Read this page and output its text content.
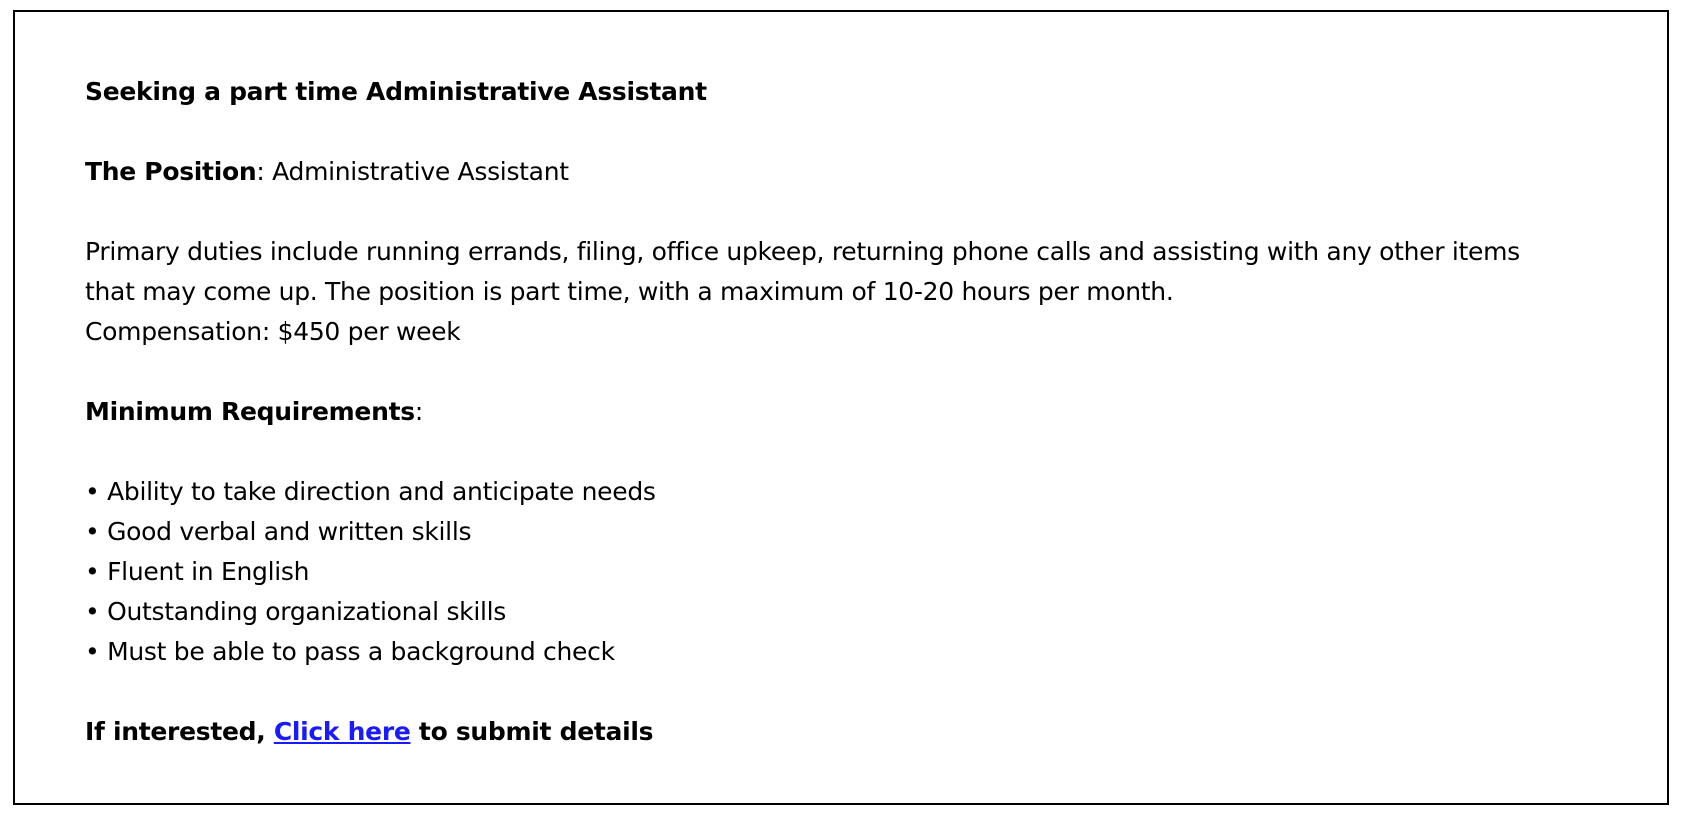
Seeking a part time Administrative Assistant

The Position: Administrative Assistant

Primary duties include running errands, filing, office upkeep, returning phone calls and assisting with any other items

that may come up. The position is part time, with a maximum of 10-20 hours per month.

Compensation: $450 per week

Minimum Requirements:

• Ability to take direction and anticipate needs
• Good verbal and written skills
• Fluent in English
• Outstanding organizational skills
• Must be able to pass a background check

If interested, Click here to submit details
